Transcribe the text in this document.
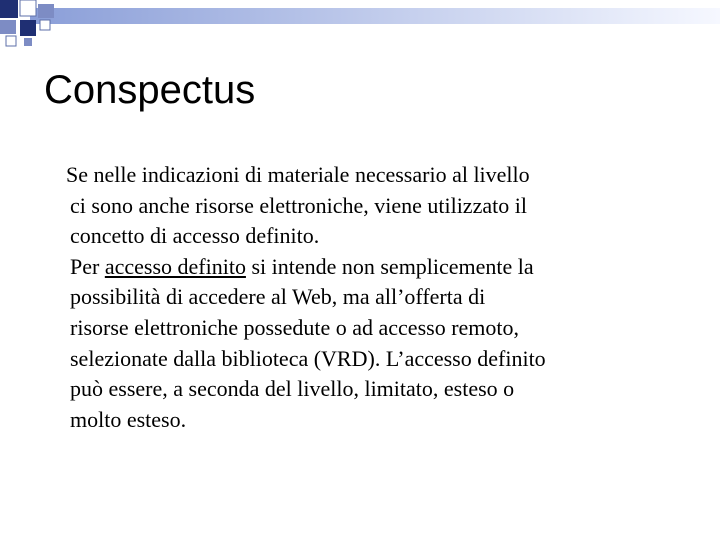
Conspectus

Se nelle indicazioni di materiale necessario al livello
ci sono anche risorse elettroniche, viene utilizzato il
concetto di accesso definito.

Per accesso definito si intende non semplicemente la
possibilità di accedere al Web, ma all’offerta di
risorse elettroniche possedute o ad accesso remoto,
selezionate dalla biblioteca (VRD). L’accesso definito
può essere, a seconda del livello, limitato, esteso o
molto esteso.
